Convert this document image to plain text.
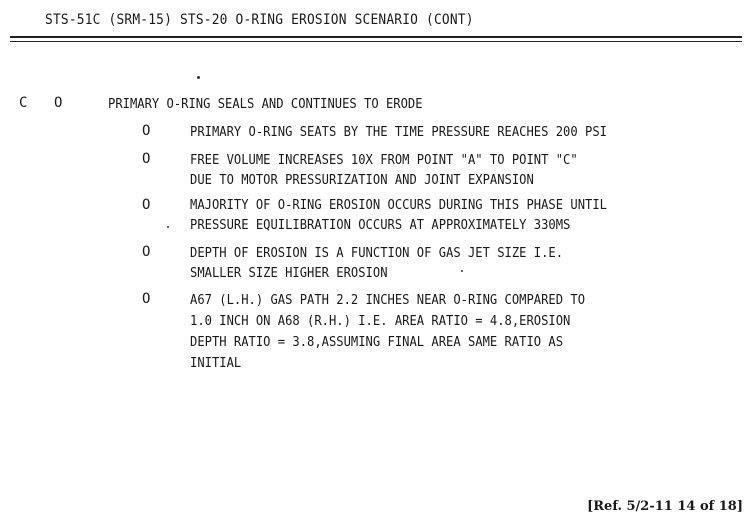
STS-51C (SRM-15) STS-20 O-RING EROSION SCENARIO (CONT)
C O	PRIMARY O-RING SEALS AND CONTINUES TO ERODE
O	PRIMARY O-RING SEATS BY THE TIME PRESSURE REACHES 200 PSI
O	FREE VOLUME INCREASES 10X FROM POINT "A" TO POINT "C"
DUE TO MOTOR PRESSURIZATION AND JOINT EXPANSION
O	MAJORITY OF O-RING EROSION OCCURS DURING THIS PHASE UNTIL
PRESSURE EQUILIBRATION OCCURS AT APPROXIMATELY 330MS
O	DEPTH OF EROSION IS A FUNCTION OF GAS JET SIZE I.E.
SMALLER SIZE HIGHER EROSION
O	A67 (L.H.) GAS PATH 2.2 INCHES NEAR O-RING COMPARED TO
1.0 INCH ON A68 (R.H.) I.E. AREA RATIO = 4.8,EROSION
DEPTH RATIO = 3.8,ASSUMING FINAL AREA SAME RATIO AS
INITIAL
[Ref. 5/2-11 14 of 18]
